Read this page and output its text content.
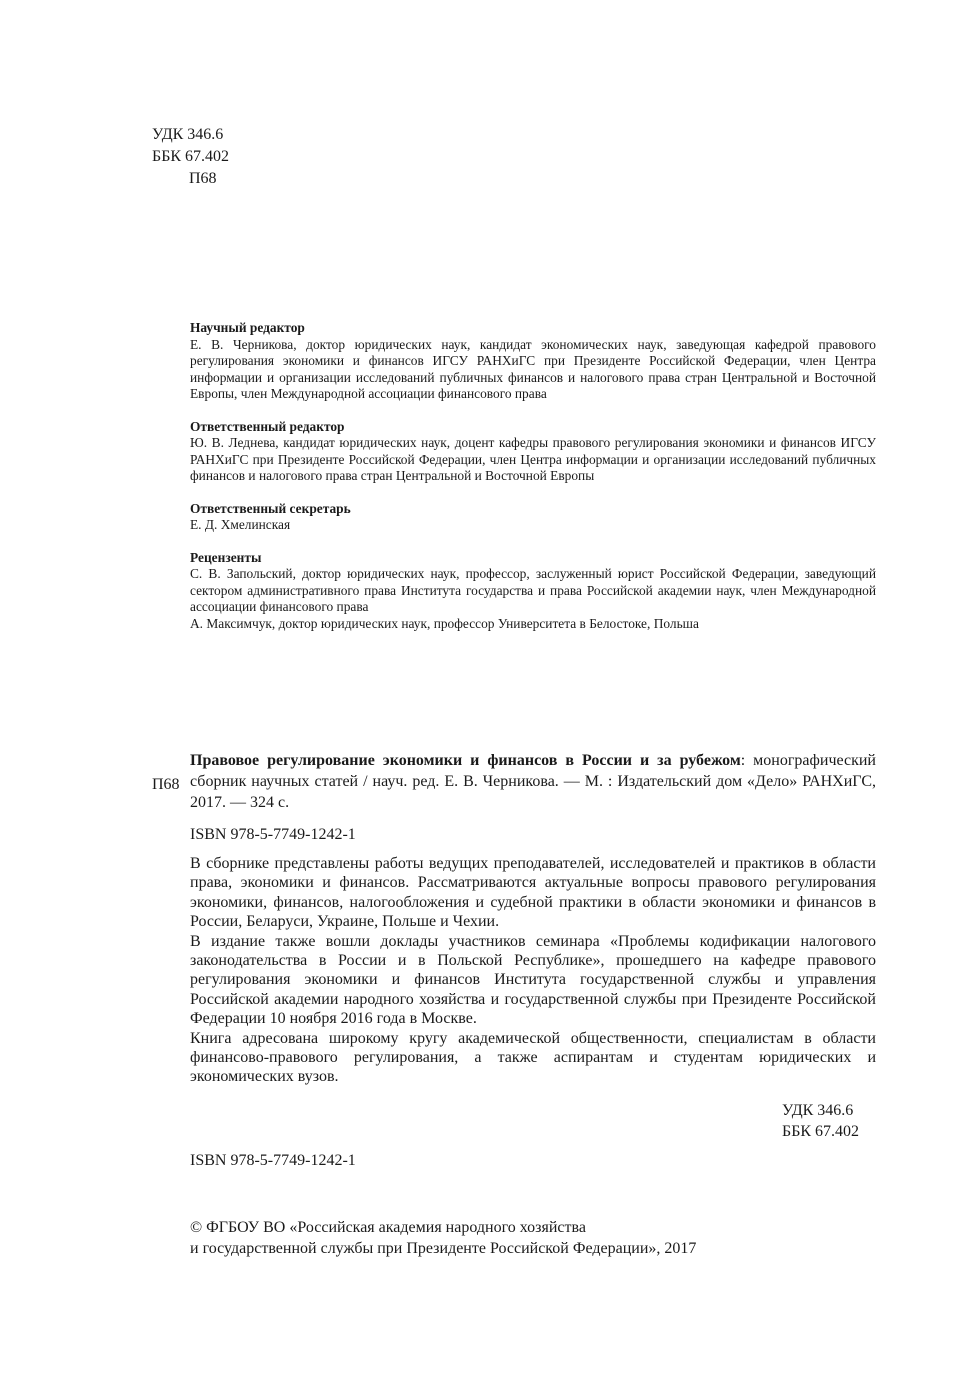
УДК 346.6
ББК 67.402
П68
Научный редактор
Е. В. Черникова, доктор юридических наук, кандидат экономических наук, заведующая кафедрой правового регулирования экономики и финансов ИГСУ РАНХиГС при Президенте Российской Федерации, член Центра информации и организации исследований публичных финансов и налогового права стран Центральной и Восточной Европы, член Международной ассоциации финансового права
Ответственный редактор
Ю. В. Леднева, кандидат юридических наук, доцент кафедры правового регулирования экономики и финансов ИГСУ РАНХиГС при Президенте Российской Федерации, член Центра информации и организации исследований публичных финансов и налогового права стран Центральной и Восточной Европы
Ответственный секретарь
Е. Д. Хмелинская
Рецензенты
С. В. Запольский, доктор юридических наук, профессор, заслуженный юрист Российской Федерации, заведующий сектором административного права Института государства и права Российской академии наук, член Международной ассоциации финансового права
А. Максимчук, доктор юридических наук, профессор Университета в Белостоке, Польша
П68
Правовое регулирование экономики и финансов в России и за рубежом: монографический сборник научных статей / науч. ред. Е. В. Черникова. — М. : Издательский дом «Дело» РАНХиГС, 2017. — 324 с.
ISBN 978-5-7749-1242-1

В сборнике представлены работы ведущих преподавателей, исследователей и практиков в области права, экономики и финансов. Рассматриваются актуальные вопросы правового регулирования экономики, финансов, налогообложения и судебной практики в области экономики и финансов в России, Беларуси, Украине, Польше и Чехии.

В издание также вошли доклады участников семинара «Проблемы кодификации налогового законодательства в России и в Польской Республике», прошедшего на кафедре правового регулирования экономики и финансов Института государственной службы и управления Российской академии народного хозяйства и государственной службы при Президенте Российской Федерации 10 ноября 2016 года в Москве.

Книга адресована широкому кругу академической общественности, специалистам в области финансово-правового регулирования, а также аспирантам и студентам юридических и экономических вузов.

УДК 346.6
ББК 67.402
ISBN 978-5-7749-1242-1
© ФГБОУ ВО «Российская академия народного хозяйства
и государственной службы при Президенте Российской Федерации», 2017
